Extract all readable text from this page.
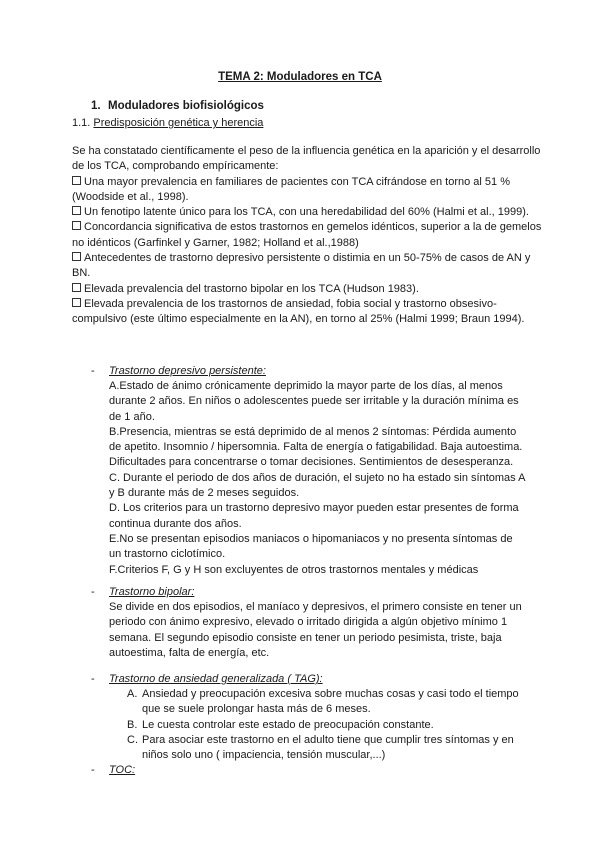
TEMA 2: Moduladores en TCA
1. Moduladores biofisiológicos
1.1. Predisposición genética y herencia

Se ha constatado científicamente el peso de la influencia genética en la aparición y el desarrollo de los TCA, comprobando empíricamente:

Una mayor prevalencia en familiares de pacientes con TCA cifrándose en torno al 51 % (Woodside et al., 1998).

Un fenotipo latente único para los TCA, con una heredabilidad del 60% (Halmi et al., 1999).

Concordancia significativa de estos trastornos en gemelos idénticos, superior a la de gemelos no idénticos (Garfinkel y Garner, 1982; Holland et al.,1988)

Antecedentes de trastorno depresivo persistente o distimia en un 50-75% de casos de AN y BN.

Elevada prevalencia del trastorno bipolar en los TCA (Hudson 1983).

Elevada prevalencia de los trastornos de ansiedad, fobia social y trastorno obsesivo-compulsivo (este último especialmente en la AN), en torno al 25% (Halmi 1999; Braun 1994).

- Trastorno depresivo persistente:

A.Estado de ánimo crónicamente deprimido la mayor parte de los días, al menos durante 2 años. En niños o adolescentes puede ser irritable y la duración mínima es de 1 año.

B.Presencia, mientras se está deprimido de al menos 2 síntomas: Pérdida aumento de apetito. Insomnio / hipersomnia. Falta de energía o fatigabilidad. Baja autoestima. Dificultades para concentrarse o tomar decisiones. Sentimientos de desesperanza.

C. Durante el periodo de dos años de duración, el sujeto no ha estado sin síntomas A y B durante más de 2 meses seguidos.

D. Los criterios para un trastorno depresivo mayor pueden estar presentes de forma continua durante dos años.

E.No se presentan episodios maniacos o hipomaniacos y no presenta síntomas de un trastorno ciclotímico.

F.Criterios F, G y H son excluyentes de otros trastornos mentales y médicas

- Trastorno bipolar:
Se divide en dos episodios, el maníaco y depresivos, el primero consiste en tener un periodo con ánimo expresivo, elevado o irritado dirigida a algún objetivo mínimo 1 semana. El segundo episodio consiste en tener un periodo pesimista, triste, baja autoestima, falta de energía, etc.
- Trastorno de ansiedad generalizada ( TAG):
A. Ansiedad y preocupación excesiva sobre muchas cosas y casi todo el tiempo que se suele prolongar hasta más de 6 meses.
B. Le cuesta controlar este estado de preocupación constante.
C. Para asociar este trastorno en el adulto tiene que cumplir tres síntomas y en niños solo uno ( impaciencia, tensión muscular,...)
- TOC:
